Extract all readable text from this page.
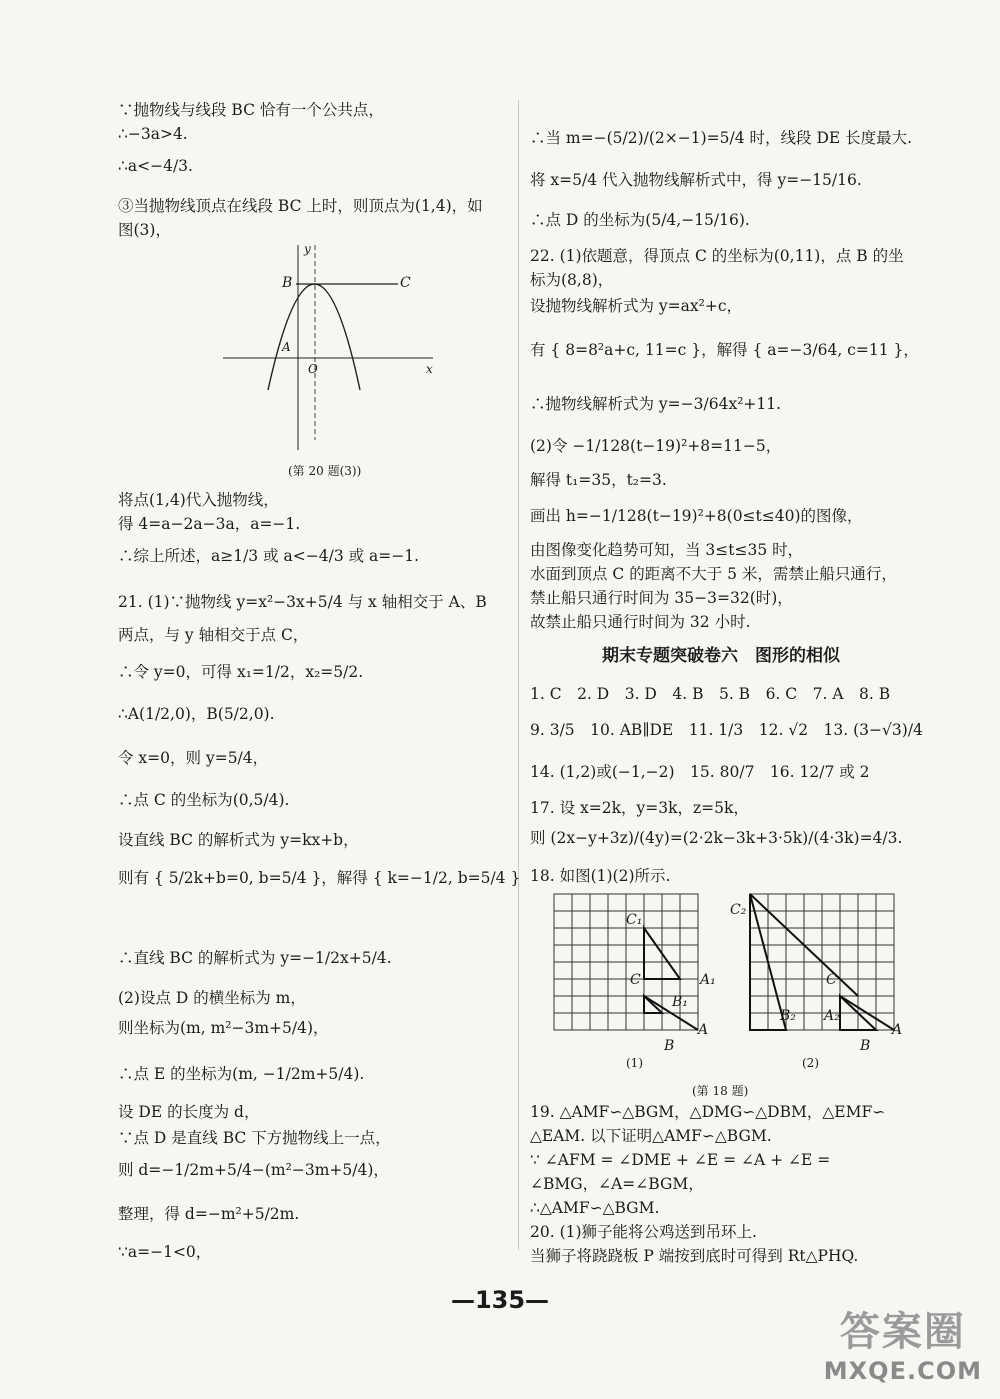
∵抛物线与线段 BC 恰有一个公共点，
∴−3a>4.
∴a<−4/3.
③当抛物线顶点在线段 BC 上时，则顶点为(1,4)，如
图(3)，
y
x
B	C
O
A
(第 20 题(3))
将点(1,4)代入抛物线，
得 4=a−2a−3a，a=−1.
∴综上所述，a≥1/3 或 a<−4/3 或 a=−1.
21. (1)∵抛物线 y=x²−3x+5/4 与 x 轴相交于 A、B
两点，与 y 轴相交于点 C，
∴令 y=0，可得 x₁=1/2，x₂=5/2.
∴A(1/2,0)，B(5/2,0).
令 x=0，则 y=5/4，
∴点 C 的坐标为(0,5/4).
设直线 BC 的解析式为 y=kx+b，
则有 { 5/2k+b=0, b=5/4 }，解得 { k=−1/2, b=5/4 }
∴直线 BC 的解析式为 y=−1/2x+5/4.
(2)设点 D 的横坐标为 m，
则坐标为(m, m²−3m+5/4)，
∴点 E 的坐标为(m, −1/2m+5/4).
设 DE 的长度为 d，
∵点 D 是直线 BC 下方抛物线上一点，
则 d=−1/2m+5/4−(m²−3m+5/4)，
整理，得 d=−m²+5/2m.
∵a=−1<0，
∴当 m=−(5/2)/(2×−1)=5/4 时，线段 DE 长度最大.
将 x=5/4 代入抛物线解析式中，得 y=−15/16.
∴点 D 的坐标为(5/4,−15/16).
22. (1)依题意，得顶点 C 的坐标为(0,11)，点 B 的坐
标为(8,8)，
设抛物线解析式为 y=ax²+c，
有 { 8=8²a+c, 11=c }，解得 { a=−3/64, c=11 }，
∴抛物线解析式为 y=−3/64x²+11.
(2)令 −1/128(t−19)²+8=11−5，
解得 t₁=35，t₂=3.
画出 h=−1/128(t−19)²+8(0≤t≤40)的图像，
由图像变化趋势可知，当 3≤t≤35 时，
水面到顶点 C 的距离不大于 5 米，需禁止船只通行，
禁止船只通行时间为 35−3=32(时)，
故禁止船只通行时间为 32 小时.
期末专题突破卷六　图形的相似
1. C　2. D　3. D　4. B　5. B　6. C　7. A　8. B
9. 3/5　10. AB∥DE　11. 1/3　12. √2　13. (3−√3)/4
14. (1,2)或(−1,−2)　15. 80/7　16. 12/7 或 2
17. 设 x=2k，y=3k，z=5k，
则 (2x−y+3z)/(4y)=(2·2k−3k+3·5k)/(4·3k)=4/3.
18. 如图(1)(2)所示.
C₁
C	A₁
B₁
A
B
C₂
C
B₂ A₂
A
B
(1)	(2)
(第 18 题)
19. △AMF∽△BGM，△DMG∽△DBM，△EMF∽
△EAM. 以下证明△AMF∽△BGM.
∵ ∠AFM = ∠DME + ∠E = ∠A + ∠E =
∠BMG，∠A=∠BGM，
∴△AMF∽△BGM.
20. (1)狮子能将公鸡送到吊环上.
当狮子将跷跷板 P 端按到底时可得到 Rt△PHQ.
—135—
答案圈
MXQE.COM
